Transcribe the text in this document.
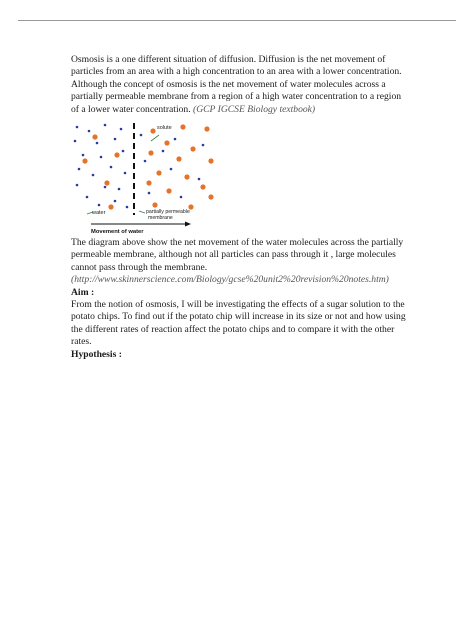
Osmosis is a one different situation of diffusion. Diffusion is the net movement of particles from an area with a high concentration to an area with a lower concentration. Although the concept of osmosis is the net movement of water molecules across a partially permeable membrane from a region of a high water concentration to a region of a lower water concentration. (GCP IGCSE Biology textbook)

solute
water	partially permeable
membrane
Movement of water

The diagram above show the net movement of the water molecules across the partially permeable membrane, although not all particles can pass through it , large molecules cannot pass through the membrane.

(http://www.skinnerscience.com/Biology/gcse%20unit2%20revision%20notes.htm)

Aim :

From the notion of osmosis, I will be investigating the effects of a sugar solution to the potato chips. To find out if the potato chip will increase in its size or not and how using the different rates of reaction affect the potato chips and to compare it with the other rates.

Hypothesis :
